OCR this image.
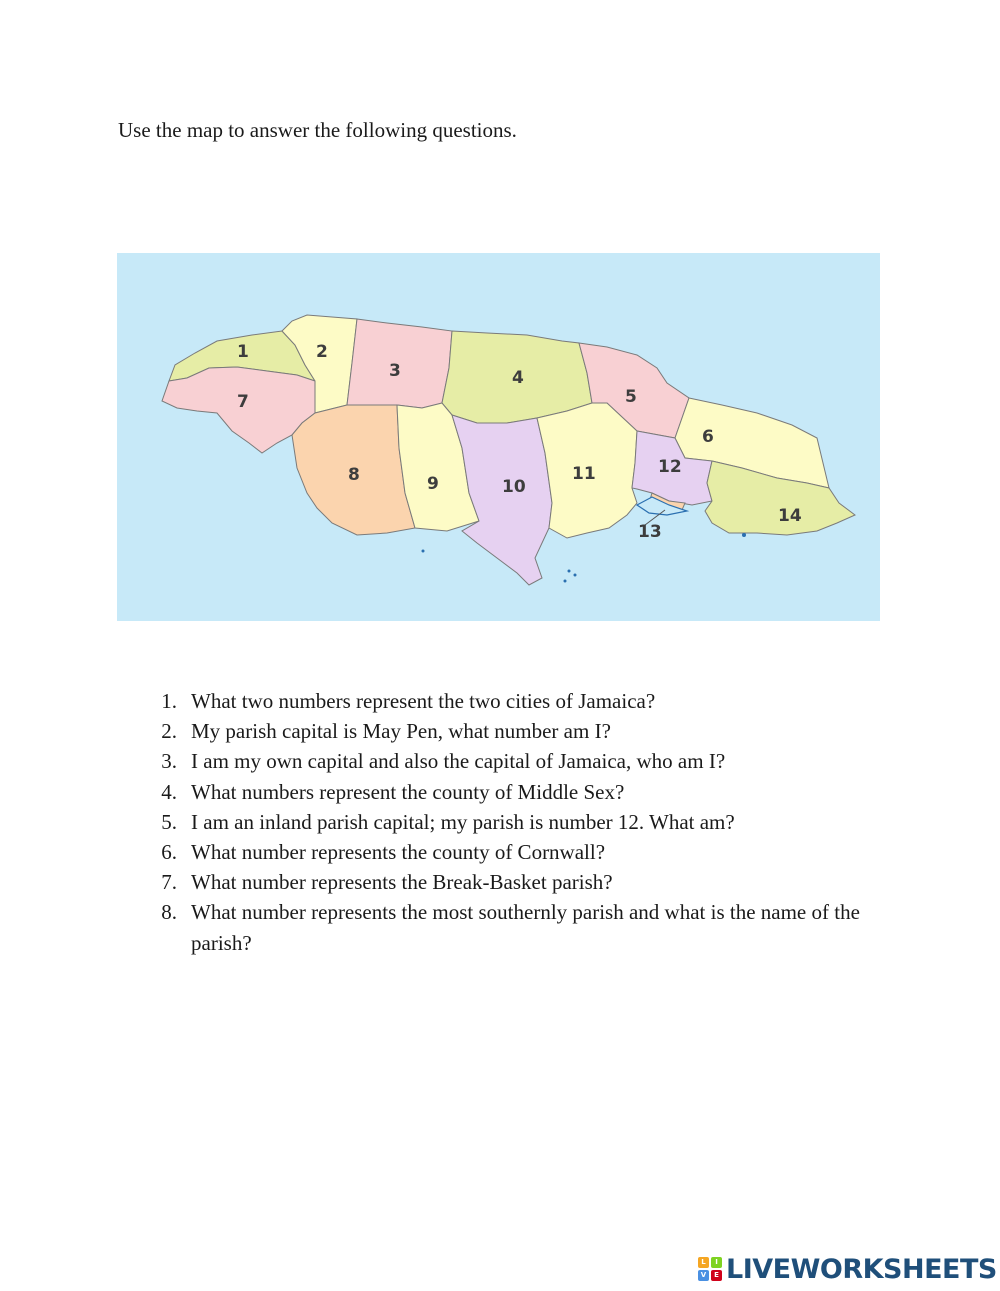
Use the map to answer the following questions.
1	2
3	4
5
6
7
8	9	10
11	12
13
14
1. What two numbers represent the two cities of Jamaica?
2. My parish capital is May Pen, what number am I?
3. I am my own capital and also the capital of Jamaica, who am I?
4. What numbers represent the county of Middle Sex?
5. I am an inland parish capital; my parish is number 12. What am?
6. What number represents the county of Cornwall?
7. What number represents the Break-Basket parish?
8. What number represents the most southernly parish and what is the name of the parish?
L	I
V	E LIVEWORKSHEETS
